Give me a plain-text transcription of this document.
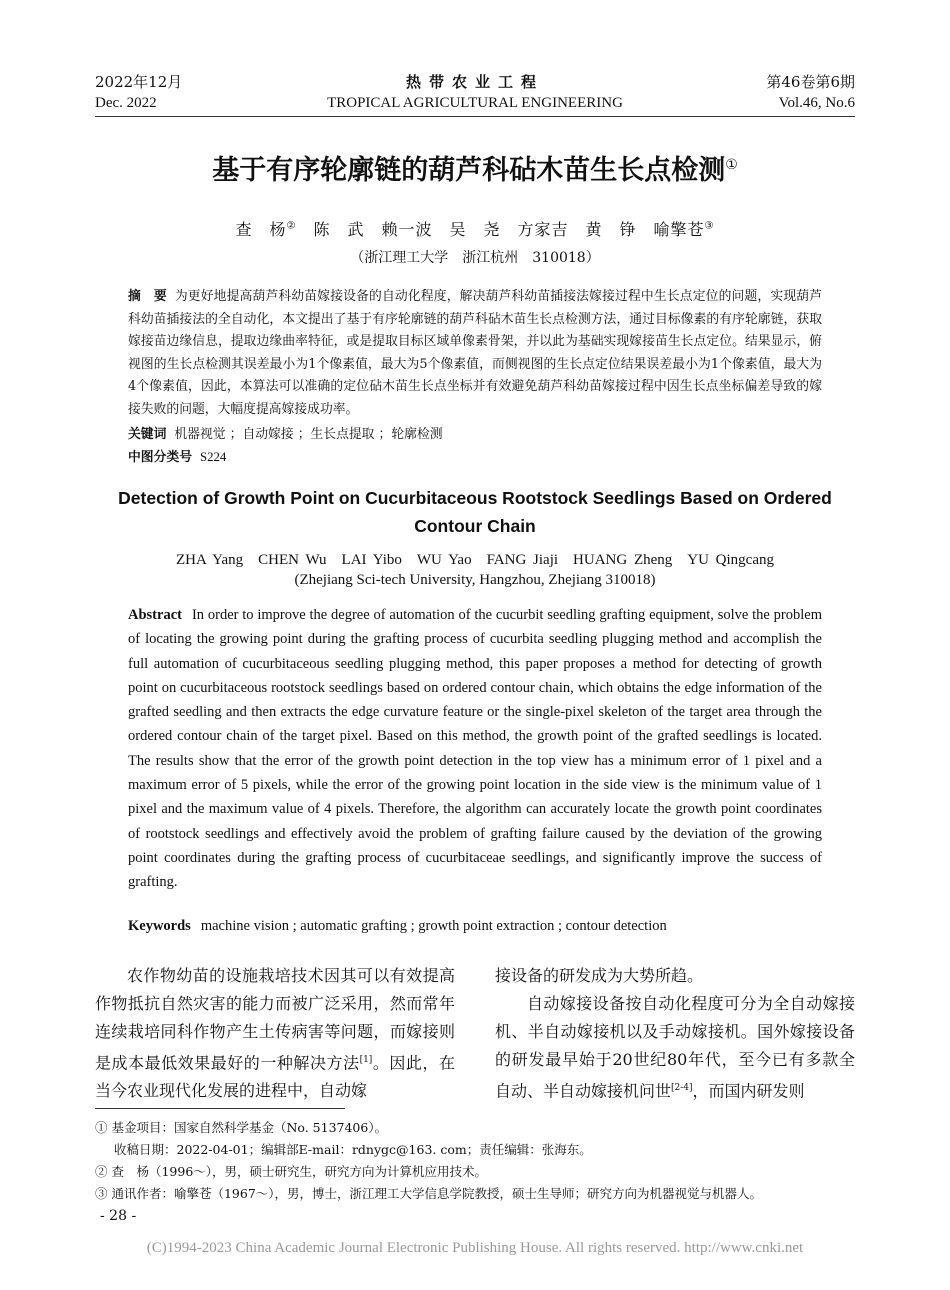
2022年12月
Dec. 2022
热带农业工程
TROPICAL AGRICULTURAL ENGINEERING
第46卷第6期
Vol.46, No.6
基于有序轮廓链的葫芦科砧木苗生长点检测①
查　杨②　陈　武　赖一波　吴　尧　方家吉　黄　铮　喻擎苍③
（浙江理工大学　浙江杭州　310018）
摘　要 为更好地提高葫芦科幼苗嫁接设备的自动化程度，解决葫芦科幼苗插接法嫁接过程中生长点定位的问题，实现葫芦科幼苗插接法的全自动化，本文提出了基于有序轮廓链的葫芦科砧木苗生长点检测方法，通过目标像素的有序轮廓链，获取嫁接苗边缘信息，提取边缘曲率特征，或是提取目标区域单像素骨架，并以此为基础实现嫁接苗生长点定位。结果显示，俯视图的生长点检测其误差最小为1个像素值，最大为5个像素值，而侧视图的生长点定位结果误差最小为1个像素值，最大为4个像素值，因此，本算法可以准确的定位砧木苗生长点坐标并有效避免葫芦科幼苗嫁接过程中因生长点坐标偏差导致的嫁接失败的问题，大幅度提高嫁接成功率。
关键词 机器视觉 ；自动嫁接 ；生长点提取 ；轮廓检测
中图分类号 S224
Detection of Growth Point on Cucurbitaceous Rootstock Seedlings Based on Ordered Contour Chain
ZHA Yang　CHEN Wu　LAI Yibo　WU Yao　FANG Jiaji　HUANG Zheng　YU Qingcang
(Zhejiang Sci-tech University, Hangzhou, Zhejiang 310018)
Abstract In order to improve the degree of automation of the cucurbit seedling grafting equipment, solve the problem of locating the growing point during the grafting process of cucurbita seedling plugging method and accomplish the full automation of cucurbitaceous seedling plugging method, this paper proposes a method for detecting of growth point on cucurbitaceous rootstock seedlings based on ordered contour chain, which obtains the edge information of the grafted seedling and then extracts the edge curvature feature or the single-pixel skeleton of the target area through the ordered contour chain of the target pixel. Based on this method, the growth point of the grafted seedlings is located. The results show that the error of the growth point detection in the top view has a minimum error of 1 pixel and a maximum error of 5 pixels, while the error of the growing point location in the side view is the minimum value of 1 pixel and the maximum value of 4 pixels. Therefore, the algorithm can accurately locate the growth point coordinates of rootstock seedlings and effectively avoid the problem of grafting failure caused by the deviation of the growing point coordinates during the grafting process of cucurbitaceae seedlings, and significantly improve the success of grafting.
Keywords machine vision ; automatic grafting ; growth point extraction ; contour detection

农作物幼苗的设施栽培技术因其可以有效提高作物抵抗自然灾害的能力而被广泛采用，然而常年连续栽培同科作物产生土传病害等问题，而嫁接则是成本最低效果最好的一种解决方法[1]。因此，在当今农业现代化发展的进程中，自动嫁

接设备的研发成为大势所趋。

自动嫁接设备按自动化程度可分为全自动嫁接机、半自动嫁接机以及手动嫁接机。国外嫁接设备的研发最早始于20世纪80年代，至今已有多款全自动、半自动嫁接机问世[2-4]，而国内研发则

① 基金项目：国家自然科学基金（No. 5137406）。
收稿日期：2022-04-01；编辑部E-mail：rdnygc@163. com；责任编辑：张海东。
② 查　杨（1996～），男，硕士研究生，研究方向为计算机应用技术。
③ 通讯作者：喻擎苍（1967～），男，博士，浙江理工大学信息学院教授，硕士生导师；研究方向为机器视觉与机器人。
- 28 -
(C)1994-2023 China Academic Journal Electronic Publishing House. All rights reserved. http://www.cnki.net
